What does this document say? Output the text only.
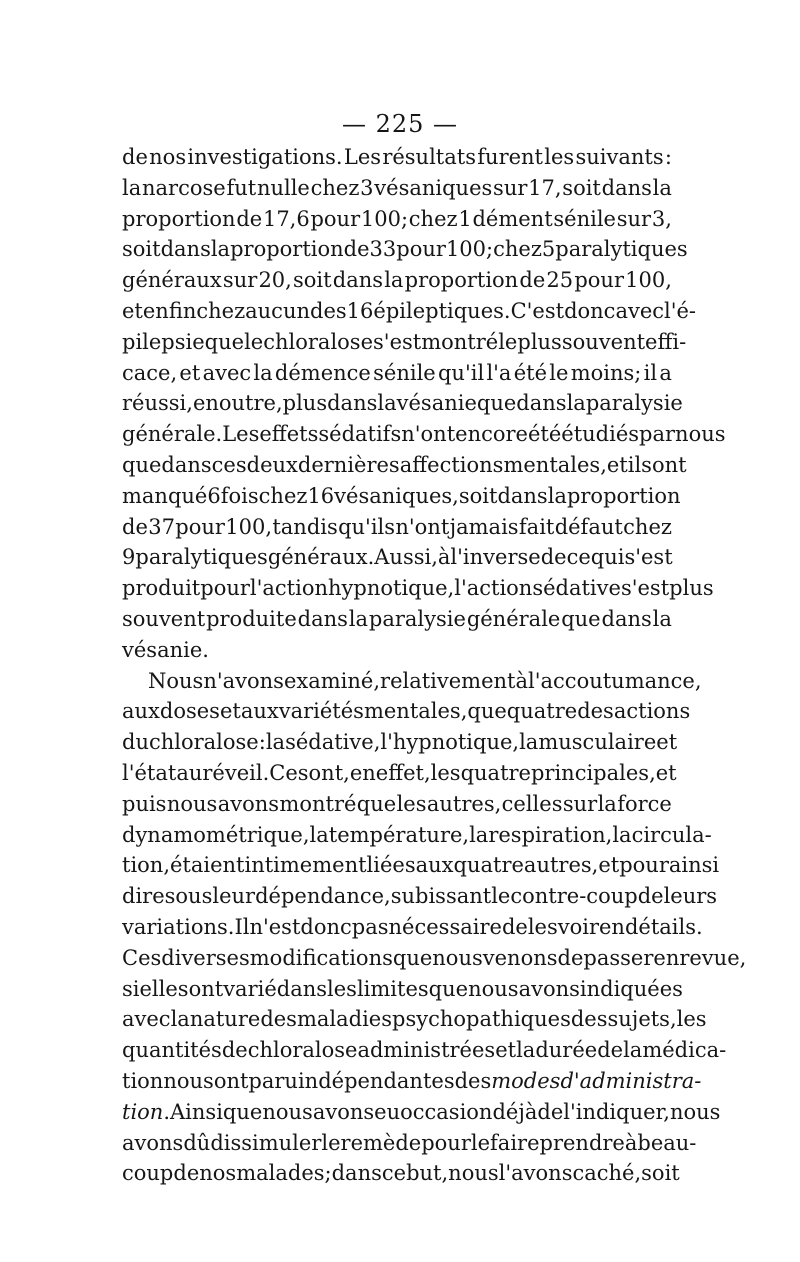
— 225 —
de nos investigations. Les résultats furent les suivants :
la narcose fut nulle chez 3 vésaniques sur 17, soit dans la
proportion de 17,6 pour 100; chez 1 dément sénile sur 3,
soit dans la proportion de 33 pour 100; chez 5 paralytiques
généraux sur 20, soit dans la proportion de 25 pour 100,
et enfin chez aucun des 16 épileptiques. C'est donc avec l'é-
pilepsie que le chloralose s'est montré le plus souvent effi-
cace, et avec la démence sénile qu'il l'a été le moins; il a
réussi, en outre, plus dans la vésanie que dans la paralysie
générale. Les effets sédatifs n'ont encore été étudiés par nous
que dans ces deux dernières affections mentales, et ils ont
manqué 6 fois chez 16 vésaniques, soit dans la proportion
de 37 pour 100, tandis qu'ils n'ont jamais fait défaut chez
9 paralytiques généraux. Aussi, à l'inverse de ce qui s'est
produit pour l'action hypnotique, l'action sédative s'est plus
souvent produite dans la paralysie générale que dans la
vésanie.
Nous n'avons examiné, relativement à l'accoutumance,
aux doses et aux variétés mentales, que quatre des actions
du chloralose : la sédative, l'hypnotique, la musculaire et
l'état au réveil. Ce sont, en effet, les quatre principales, et
puis nous avons montré que les autres, celles sur la force
dynamométrique, la température, la respiration, la circula-
tion, étaient intimement liées aux quatre autres, et pour ainsi
dire sous leur dépendance, subissant le contre-coup de leurs
variations. Il n'est donc pas nécessaire de les voir en détails.
Ces diverses modifications que nous venons de passer en revue,
si elles ont varié dans les limites que nous avons indiquées
avec la nature des maladies psychopathiques des sujets, les
quantités de chloralose administrées et la durée de la médica-
tion nous ont paru indépendantes des modes d'administra-
tion. Ainsi que nous avons eu occasion déjà de l'indiquer, nous
avons dû dissimuler le remède pour le faire prendre à beau-
coup de nos malades; dans ce but, nous l'avons caché, soit
